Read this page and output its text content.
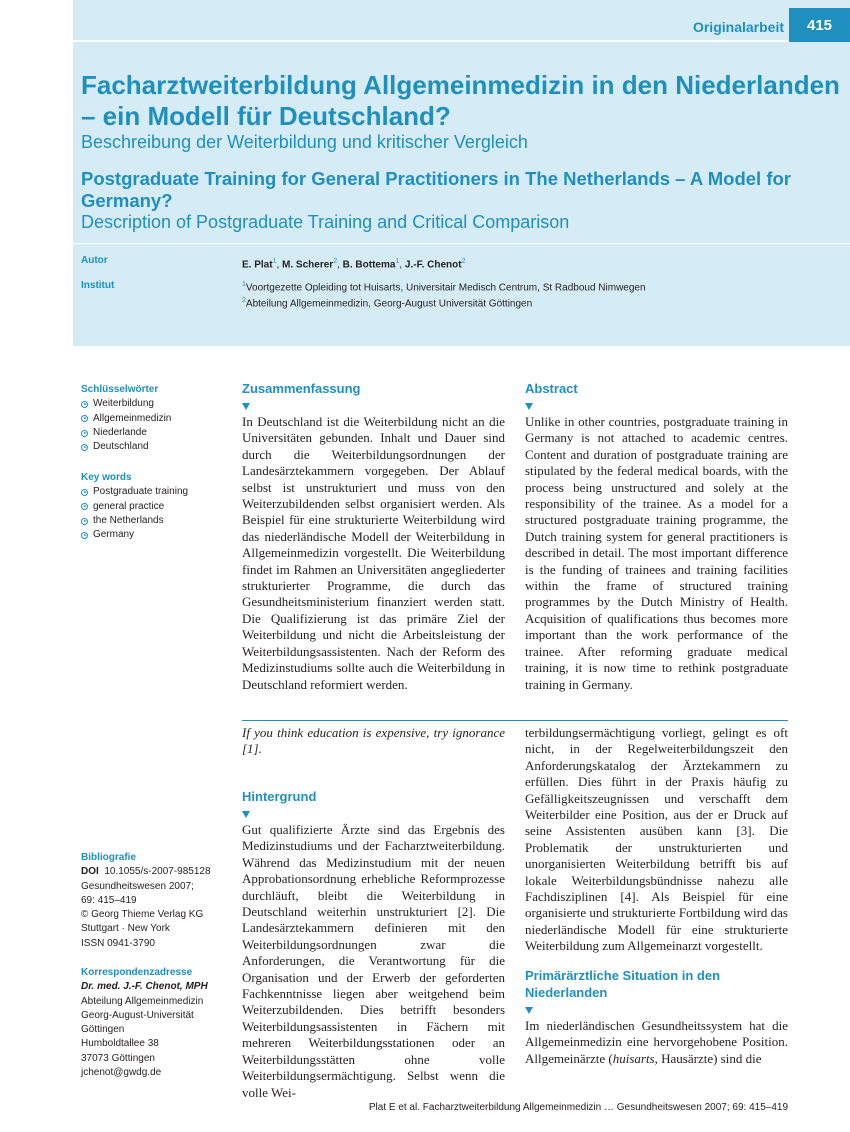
Originalarbeit	415
Facharztweiterbildung Allgemeinmedizin in den Niederlanden – ein Modell für Deutschland?
Beschreibung der Weiterbildung und kritischer Vergleich
Postgraduate Training for General Practitioners in The Netherlands – A Model for Germany?
Description of Postgraduate Training and Critical Comparison
Autor	E. Plat$^1$, M. Scherer$^2$, B. Bottema$^1$, J.-F. Chenot$^2$
Institut	$^1$Voortgezette Opleiding tot Huisarts, Universitair Medisch Centrum, St Radboud Nimwegen
$^2$Abteilung Allgemeinmedizin, Georg-August Universität Göttingen
Schlüsselwörter
Weiterbildung
Allgemeinmedizin
Niederlande
Deutschland
Key words
Postgraduate training
general practice
the Netherlands
Germany
Zusammenfassung
In Deutschland ist die Weiterbildung nicht an die Universitäten gebunden. Inhalt und Dauer sind durch die Weiterbildungsordnungen der Landesärztekammern vorgegeben. Der Ablauf selbst ist unstrukturiert und muss von den Weiterzubildenden selbst organisiert werden. Als Beispiel für eine strukturierte Weiterbildung wird das niederländische Modell der Weiterbildung in Allgemeinmedizin vorgestellt. Die Weiterbildung findet im Rahmen an Universitäten angegliederter strukturierter Programme, die durch das Gesundheitsministerium finanziert werden statt. Die Qualifizierung ist das primäre Ziel der Weiterbildung und nicht die Arbeitsleistung der Weiterbildungsassistenten. Nach der Reform des Medizinstudiums sollte auch die Weiterbildung in Deutschland reformiert werden.
Abstract
Unlike in other countries, postgraduate training in Germany is not attached to academic centres. Content and duration of postgraduate training are stipulated by the federal medical boards, with the process being unstructured and solely at the responsibility of the trainee. As a model for a structured postgraduate training programme, the Dutch training system for general practitioners is described in detail. The most important difference is the funding of trainees and training facilities within the frame of structured training programmes by the Dutch Ministry of Health. Acquisition of qualifications thus becomes more important than the work performance of the trainee. After reforming graduate medical training, it is now time to rethink postgraduate training in Germany.
If you think education is expensive, try ignorance [1].
Hintergrund
Gut qualifizierte Ärzte sind das Ergebnis des Medizinstudiums und der Facharztweiterbildung. Während das Medizinstudium mit der neuen Approbationsordnung erhebliche Reformprozesse durchläuft, bleibt die Weiterbildung in Deutschland weiterhin unstrukturiert [2]. Die Landesärztekammern definieren mit den Weiterbildungsordnungen zwar die Anforderungen, die Verantwortung für die Organisation und der Erwerb der geforderten Fachkenntnisse liegen aber weitgehend beim Weiterzubildenden. Dies betrifft besonders Weiterbildungsassistenten in Fächern mit mehreren Weiterbildungsstationen oder an Weiterbildungsstätten ohne volle Weiterbildungsermächtigung. Selbst wenn die volle Wei-
terbildungsermächtigung vorliegt, gelingt es oft nicht, in der Regelweiterbildungszeit den Anforderungskatalog der Ärztekammern zu erfüllen. Dies führt in der Praxis häufig zu Gefälligkeitszeugnissen und verschafft dem Weiterbilder eine Position, aus der er Druck auf seine Assistenten ausüben kann [3]. Die Problematik der unstrukturierten und unorganisierten Weiterbildung betrifft bis auf lokale Weiterbildungsbündnisse nahezu alle Fachdisziplinen [4]. Als Beispiel für eine organisierte und strukturierte Fortbildung wird das niederländische Modell für eine strukturierte Weiterbildung zum Allgemeinarzt vorgestellt.
Primärärztliche Situation in den Niederlanden
Im niederländischen Gesundheitssystem hat die Allgemeinmedizin eine hervorgehobene Position. Allgemeinärzte (huisarts, Hausärzte) sind die
Bibliografie
DOI 10.1055/s-2007-985128
Gesundheitswesen 2007;
69: 415–419
© Georg Thieme Verlag KG
Stuttgart · New York
ISSN 0941-3790
Korrespondenzadresse
Dr. med. J.-F. Chenot, MPH
Abteilung Allgemeinmedizin
Georg-August-Universität
Göttingen
Humboldtallee 38
37073 Göttingen
jchenot@gwdg.de
Plat E et al. Facharztweiterbildung Allgemeinmedizin … Gesundheitswesen 2007; 69: 415–419
